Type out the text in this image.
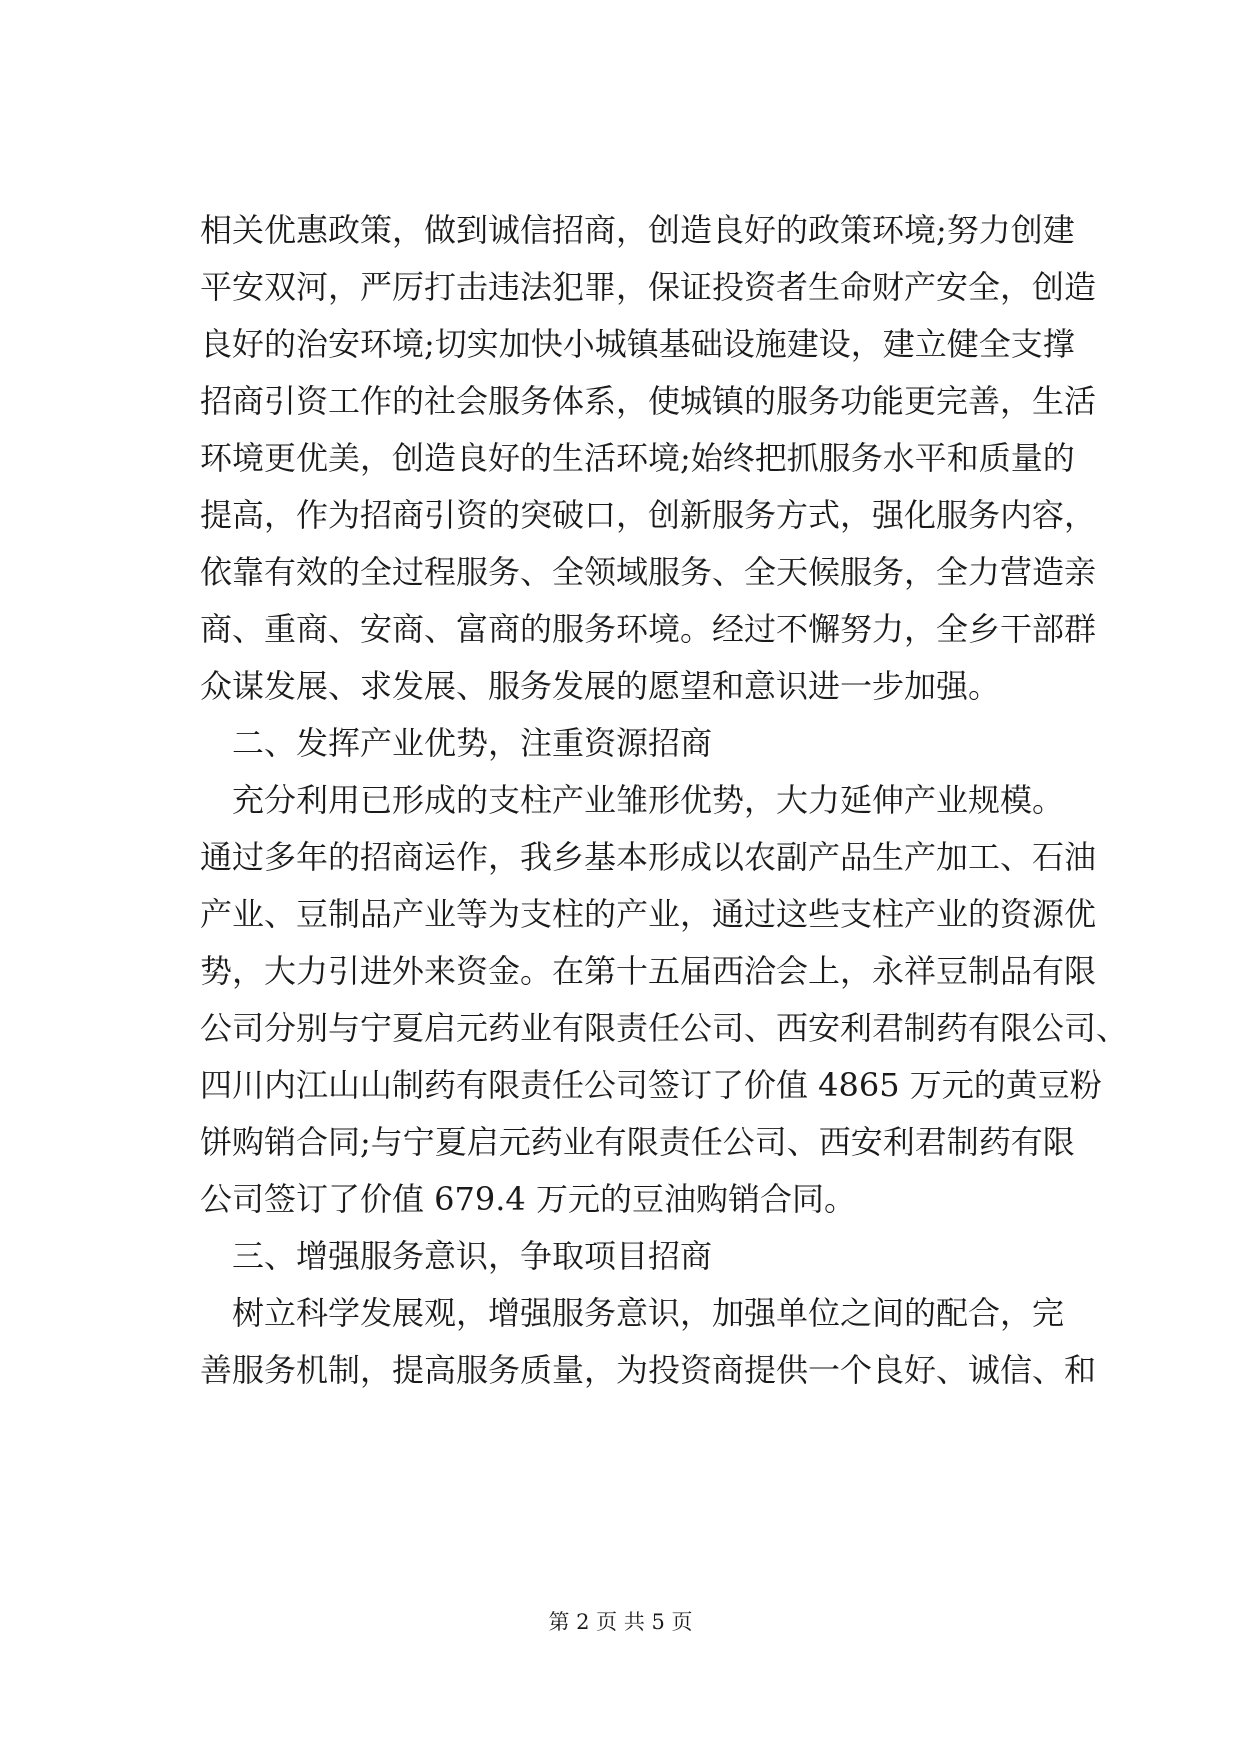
相关优惠政策，做到诚信招商，创造良好的政策环境;努力创建
平安双河，严厉打击违法犯罪，保证投资者生命财产安全，创造
良好的治安环境;切实加快小城镇基础设施建设，建立健全支撑
招商引资工作的社会服务体系，使城镇的服务功能更完善，生活
环境更优美，创造良好的生活环境;始终把抓服务水平和质量的
提高，作为招商引资的突破口，创新服务方式，强化服务内容，
依靠有效的全过程服务、全领域服务、全天候服务，全力营造亲
商、重商、安商、富商的服务环境。经过不懈努力，全乡干部群
众谋发展、求发展、服务发展的愿望和意识进一步加强。
二、发挥产业优势，注重资源招商
充分利用已形成的支柱产业雏形优势，大力延伸产业规模。
通过多年的招商运作，我乡基本形成以农副产品生产加工、石油
产业、豆制品产业等为支柱的产业，通过这些支柱产业的资源优
势，大力引进外来资金。在第十五届西洽会上，永祥豆制品有限
公司分别与宁夏启元药业有限责任公司、西安利君制药有限公司、
四川内江山山制药有限责任公司签订了价值 4865 万元的黄豆粉
饼购销合同;与宁夏启元药业有限责任公司、西安利君制药有限
公司签订了价值 679.4 万元的豆油购销合同。
三、增强服务意识，争取项目招商
树立科学发展观，增强服务意识，加强单位之间的配合，完
善服务机制，提高服务质量，为投资商提供一个良好、诚信、和
第 2 页 共 5 页
